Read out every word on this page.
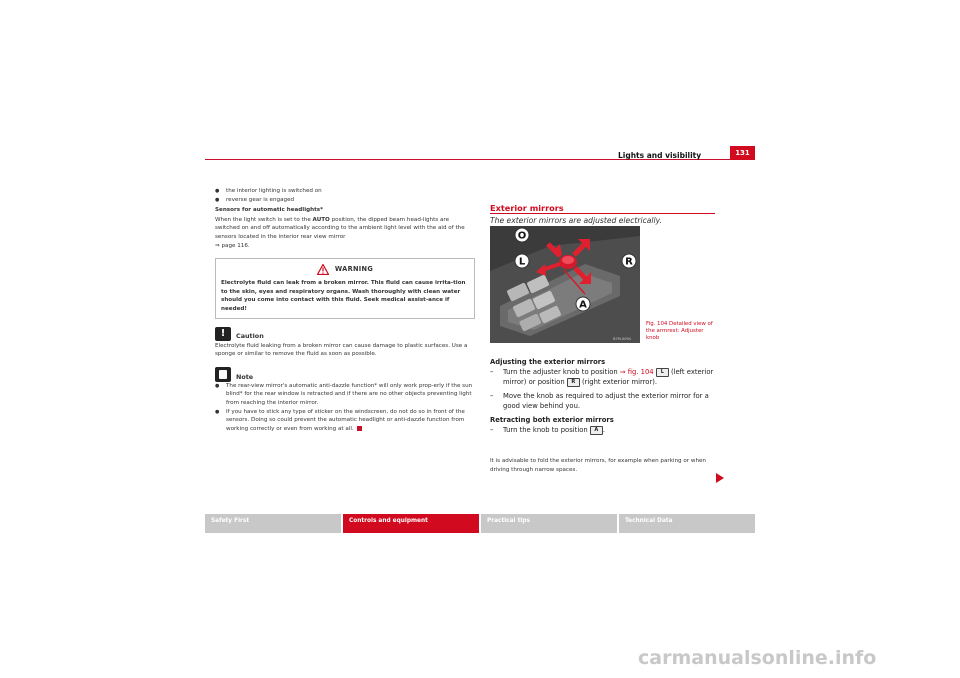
Lights and visibility	131
● the interior lighting is switched on
● reverse gear is engaged
Sensors for automatic headlights*
When the light switch is set to the AUTO position, the dipped beam head-lights are switched on and off automatically according to the ambient light level with the aid of the sensors located in the interior rear view mirror
⇒ page 116.
WARNING
Electrolyte fluid can leak from a broken mirror. This fluid can cause irrita-tion to the skin, eyes and respiratory organs. Wash thoroughly with clean water should you come into contact with this fluid. Seek medical assist-ance if needed!
!	Caution
Electrolyte fluid leaking from a broken mirror can cause damage to plastic surfaces. Use a sponge or similar to remove the fluid as soon as possible.
Note
● The rear-view mirror's automatic anti-dazzle function* will only work prop-erly if the sun blind* for the rear window is retracted and if there are no other objects preventing light from reaching the interior mirror.
● If you have to stick any type of sticker on the windscreen, do not do so in front of the sensors. Doing so could prevent the automatic headlight or anti-dazzle function from working correctly or even from working at all.
Exterior mirrors
The exterior mirrors are adjusted electrically.
O
L	R
A
B7M-0094
Fig. 104 Detailed view of the armrest: Adjuster knob
Adjusting the exterior mirrors
– Turn the adjuster knob to position ⇒ fig. 104 L (left exterior mirror) or position R (right exterior mirror).
– Move the knob as required to adjust the exterior mirror for a good view behind you.
Retracting both exterior mirrors
– Turn the knob to position A .
It is advisable to fold the exterior mirrors, for example when parking or when driving through narrow spaces.
Safety First	Controls and equipment	Practical tips	Technical Data
carmanualsonline.info
